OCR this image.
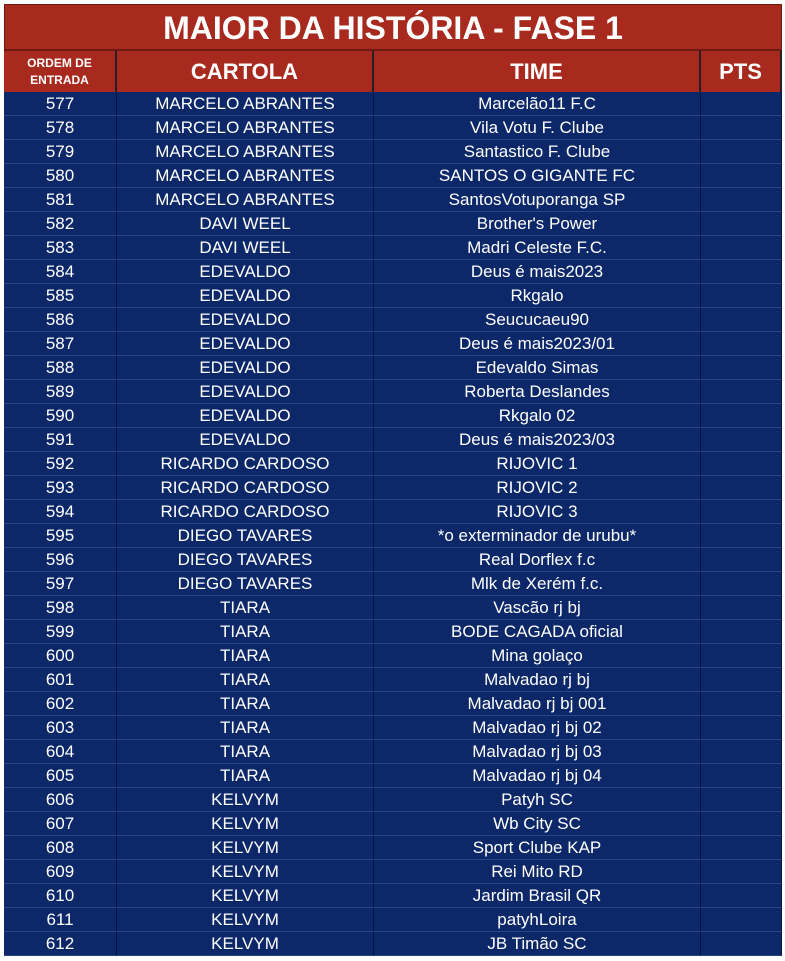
MAIOR DA HISTÓRIA - FASE 1
ORDEM DE
ENTRADA	CARTOLA	TIME	PTS
577	MARCELO ABRANTES	Marcelão11 F.C
578	MARCELO ABRANTES	Vila Votu F. Clube
579	MARCELO ABRANTES	Santastico F. Clube
580	MARCELO ABRANTES	SANTOS O GIGANTE FC
581	MARCELO ABRANTES	SantosVotuporanga SP
582	DAVI WEEL	Brother's Power
583	DAVI WEEL	Madri Celeste F.C.
584	EDEVALDO	Deus é mais2023
585	EDEVALDO	Rkgalo
586	EDEVALDO	Seucucaeu90
587	EDEVALDO	Deus é mais2023/01
588	EDEVALDO	Edevaldo Simas
589	EDEVALDO	Roberta Deslandes
590	EDEVALDO	Rkgalo 02
591	EDEVALDO	Deus é mais2023/03
592	RICARDO CARDOSO	RIJOVIC 1
593	RICARDO CARDOSO	RIJOVIC 2
594	RICARDO CARDOSO	RIJOVIC 3
595	DIEGO TAVARES	*o exterminador de urubu*
596	DIEGO TAVARES	Real Dorflex f.c
597	DIEGO TAVARES	Mlk de Xerém f.c.
598	TIARA	Vascão rj bj
599	TIARA	BODE CAGADA oficial
600	TIARA	Mina golaço
601	TIARA	Malvadao rj bj
602	TIARA	Malvadao rj bj 001
603	TIARA	Malvadao rj bj 02
604	TIARA	Malvadao rj bj 03
605	TIARA	Malvadao rj bj 04
606	KELVYM	Patyh SC
607	KELVYM	Wb City SC
608	KELVYM	Sport Clube KAP
609	KELVYM	Rei Mito RD
610	KELVYM	Jardim Brasil QR
611	KELVYM	patyhLoira
612	KELVYM	JB Timão SC
